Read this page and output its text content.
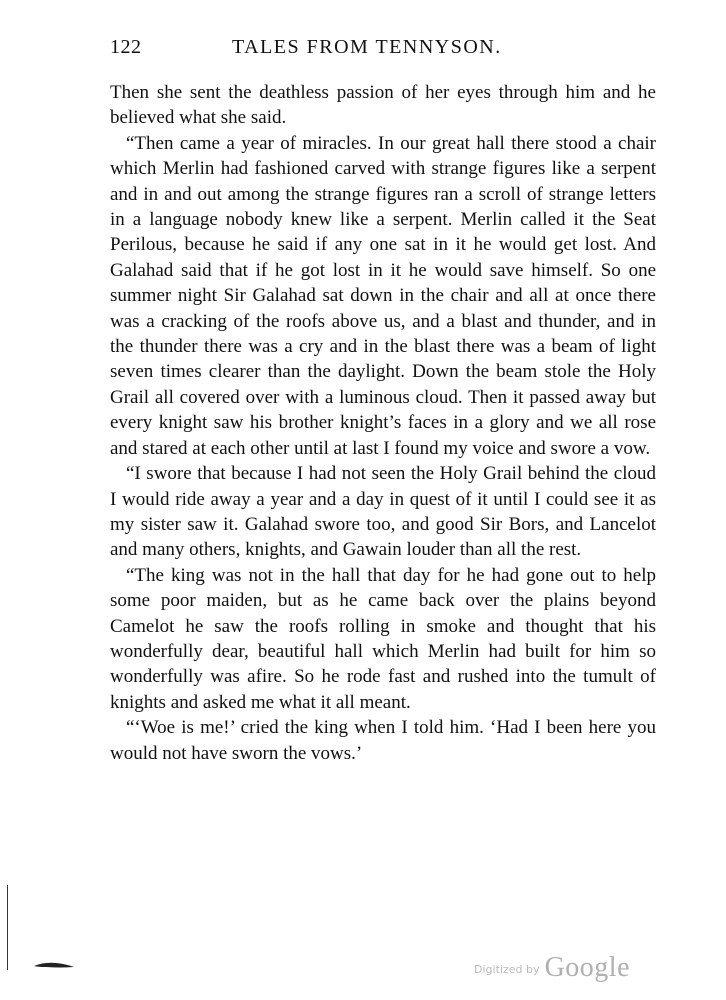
122	TALES FROM TENNYSON.

Then she sent the deathless passion of her eyes through him and he believed what she said.

“Then came a year of miracles. In our great hall there stood a chair which Merlin had fashioned carved with strange figures like a serpent and in and out among the strange figures ran a scroll of strange letters in a language nobody knew like a serpent. Merlin called it the Seat Perilous, because he said if any one sat in it he would get lost. And Galahad said that if he got lost in it he would save himself. So one summer night Sir Galahad sat down in the chair and all at once there was a cracking of the roofs above us, and a blast and thunder, and in the thunder there was a cry and in the blast there was a beam of light seven times clearer than the daylight. Down the beam stole the Holy Grail all covered over with a luminous cloud. Then it passed away but every knight saw his brother knight’s faces in a glory and we all rose and stared at each other until at last I found my voice and swore a vow.

“I swore that because I had not seen the Holy Grail behind the cloud I would ride away a year and a day in quest of it until I could see it as my sister saw it. Galahad swore too, and good Sir Bors, and Lancelot and many others, knights, and Gawain louder than all the rest.

“The king was not in the hall that day for he had gone out to help some poor maiden, but as he came back over the plains beyond Camelot he saw the roofs rolling in smoke and thought that his wonderfully dear, beautiful hall which Merlin had built for him so wonderfully was afire. So he rode fast and rushed into the tumult of knights and asked me what it all meant.

“‘Woe is me!’ cried the king when I told him. ‘Had I been here you would not have sworn the vows.’

Digitized by Google
